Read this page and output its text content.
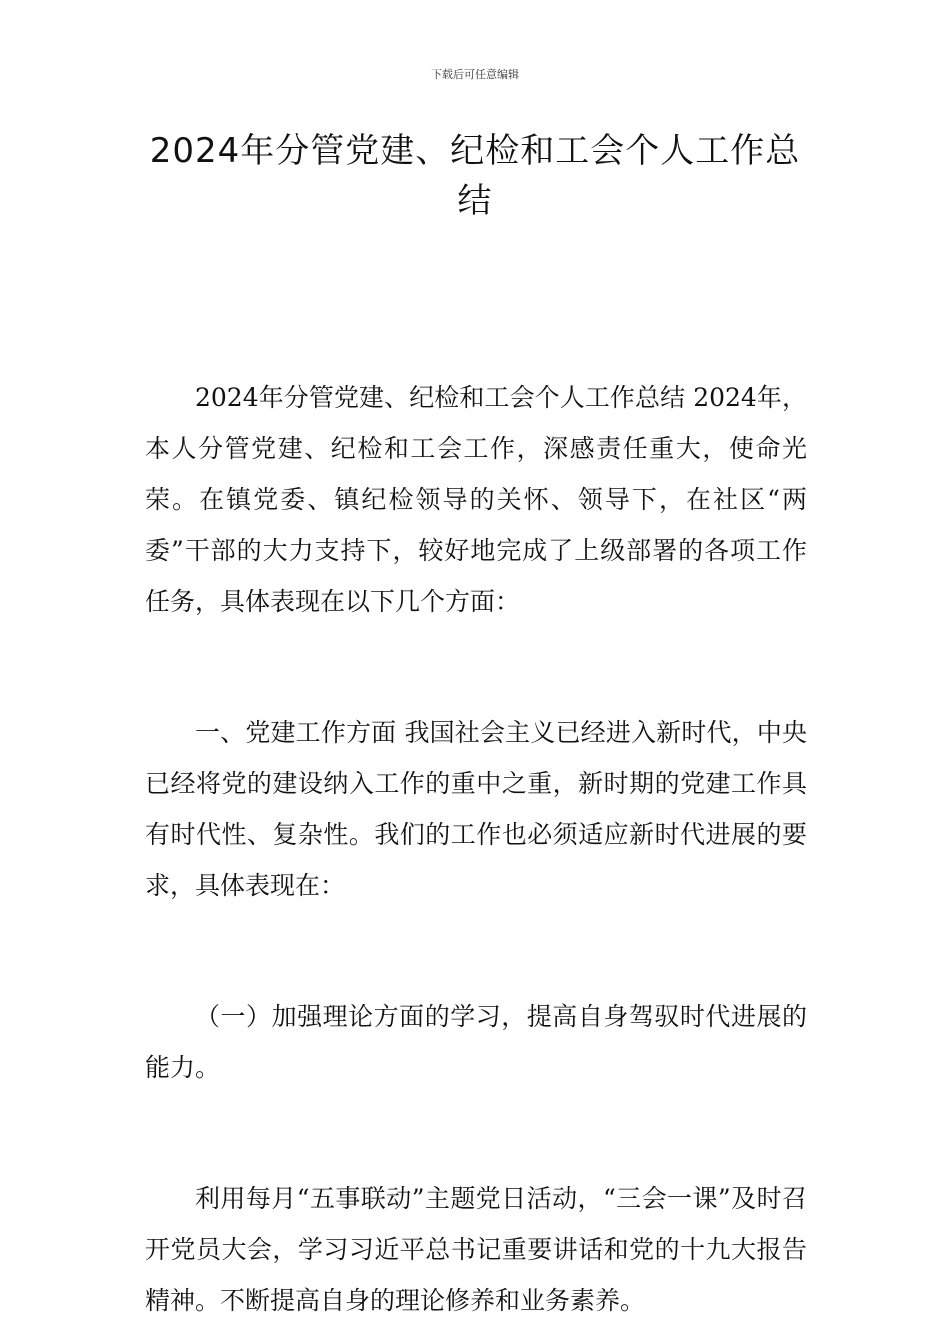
下载后可任意编辑
2024年分管党建、纪检和工会个人工作总结

2024年分管党建、纪检和工会个人工作总结 2024年，本人分管党建、纪检和工会工作，深感责任重大，使命光荣。在镇党委、镇纪检领导的关怀、领导下，在社区“两委”干部的大力支持下，较好地完成了上级部署的各项工作任务，具体表现在以下几个方面：

一、党建工作方面 我国社会主义已经进入新时代，中央已经将党的建设纳入工作的重中之重，新时期的党建工作具有时代性、复杂性。我们的工作也必须适应新时代进展的要求，具体表现在：

（一）加强理论方面的学习，提高自身驾驭时代进展的能力。

利用每月“五事联动”主题党日活动，“三会一课”及时召开党员大会，学习习近平总书记重要讲话和党的十九大报告精神。不断提高自身的理论修养和业务素养。
